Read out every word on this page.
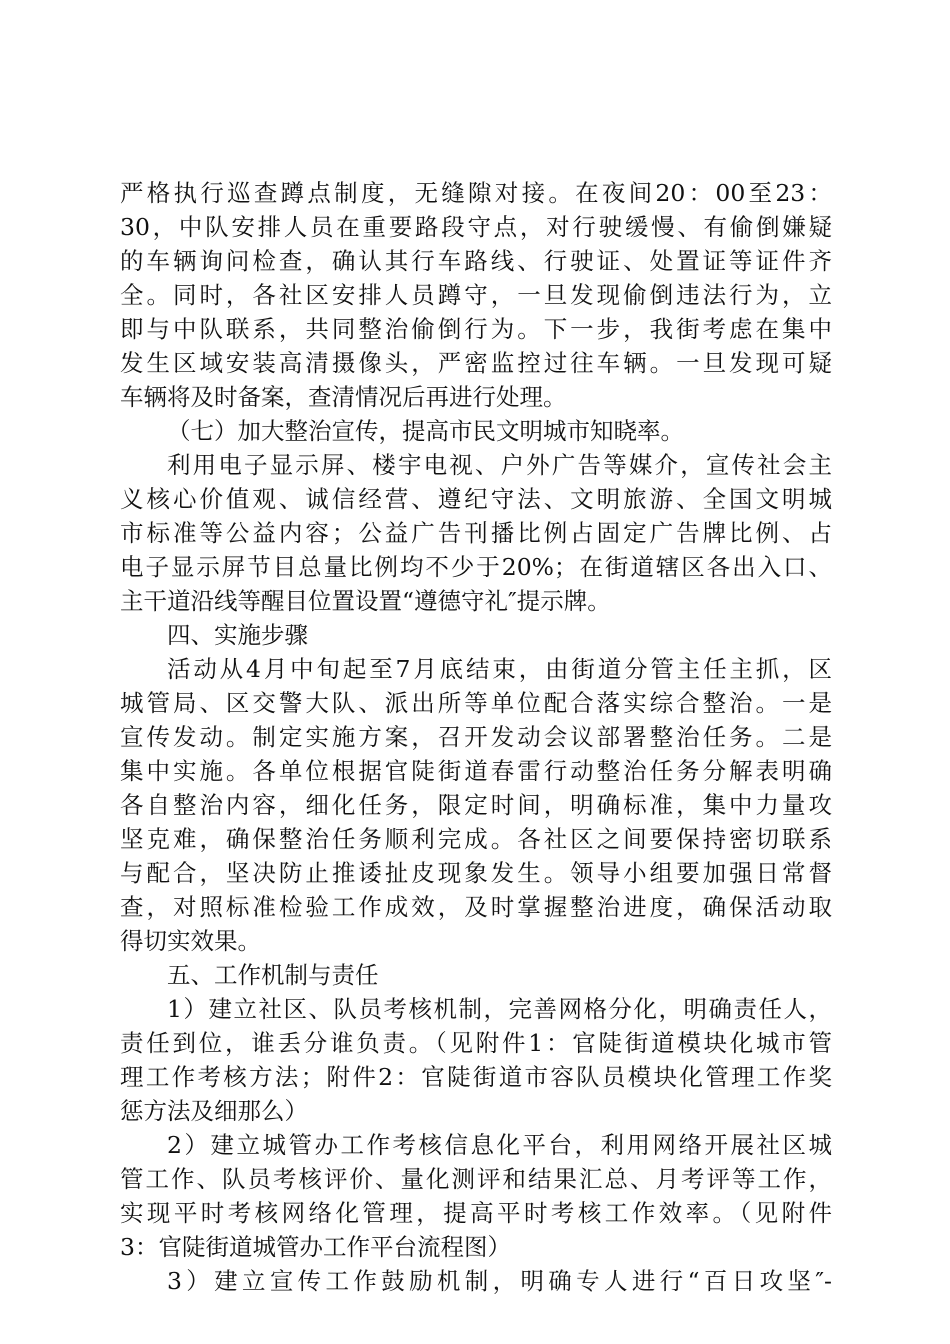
严格执行巡查蹲点制度，无缝隙对接。在夜间20：00至23：
30，中队安排人员在重要路段守点，对行驶缓慢、有偷倒嫌疑
的车辆询问检查，确认其行车路线、行驶证、处置证等证件齐
全。同时，各社区安排人员蹲守，一旦发现偷倒违法行为，立
即与中队联系，共同整治偷倒行为。下一步，我街考虑在集中
发生区域安装高清摄像头，严密监控过往车辆。一旦发现可疑
车辆将及时备案，查清情况后再进行处理。
（七）加大整治宣传，提高市民文明城市知晓率。
利用电子显示屏、楼宇电视、户外广告等媒介，宣传社会主
义核心价值观、诚信经营、遵纪守法、文明旅游、全国文明城
市标准等公益内容；公益广告刊播比例占固定广告牌比例、占
电子显示屏节目总量比例均不少于20%；在街道辖区各出入口、
主干道沿线等醒目位置设置“遵德守礼″提示牌。
四、实施步骤
活动从4月中旬起至7月底结束，由街道分管主任主抓，区
城管局、区交警大队、派出所等单位配合落实综合整治。一是
宣传发动。制定实施方案，召开发动会议部署整治任务。二是
集中实施。各单位根据官陡街道春雷行动整治任务分解表明确
各自整治内容，细化任务，限定时间，明确标准，集中力量攻
坚克难，确保整治任务顺利完成。各社区之间要保持密切联系
与配合，坚决防止推诿扯皮现象发生。领导小组要加强日常督
查，对照标准检验工作成效，及时掌握整治进度，确保活动取
得切实效果。
五、工作机制与责任
1）建立社区、队员考核机制，完善网格分化，明确责任人，
责任到位，谁丢分谁负责。（见附件1：官陡街道模块化城市管
理工作考核方法；附件2：官陡街道市容队员模块化管理工作奖
惩方法及细那么）
2）建立城管办工作考核信息化平台，利用网络开展社区城
管工作、队员考核评价、量化测评和结果汇总、月考评等工作，
实现平时考核网络化管理，提高平时考核工作效率。（见附件
3：官陡街道城管办工作平台流程图）
3）建立宣传工作鼓励机制，明确专人进行“百日攻坚″-
